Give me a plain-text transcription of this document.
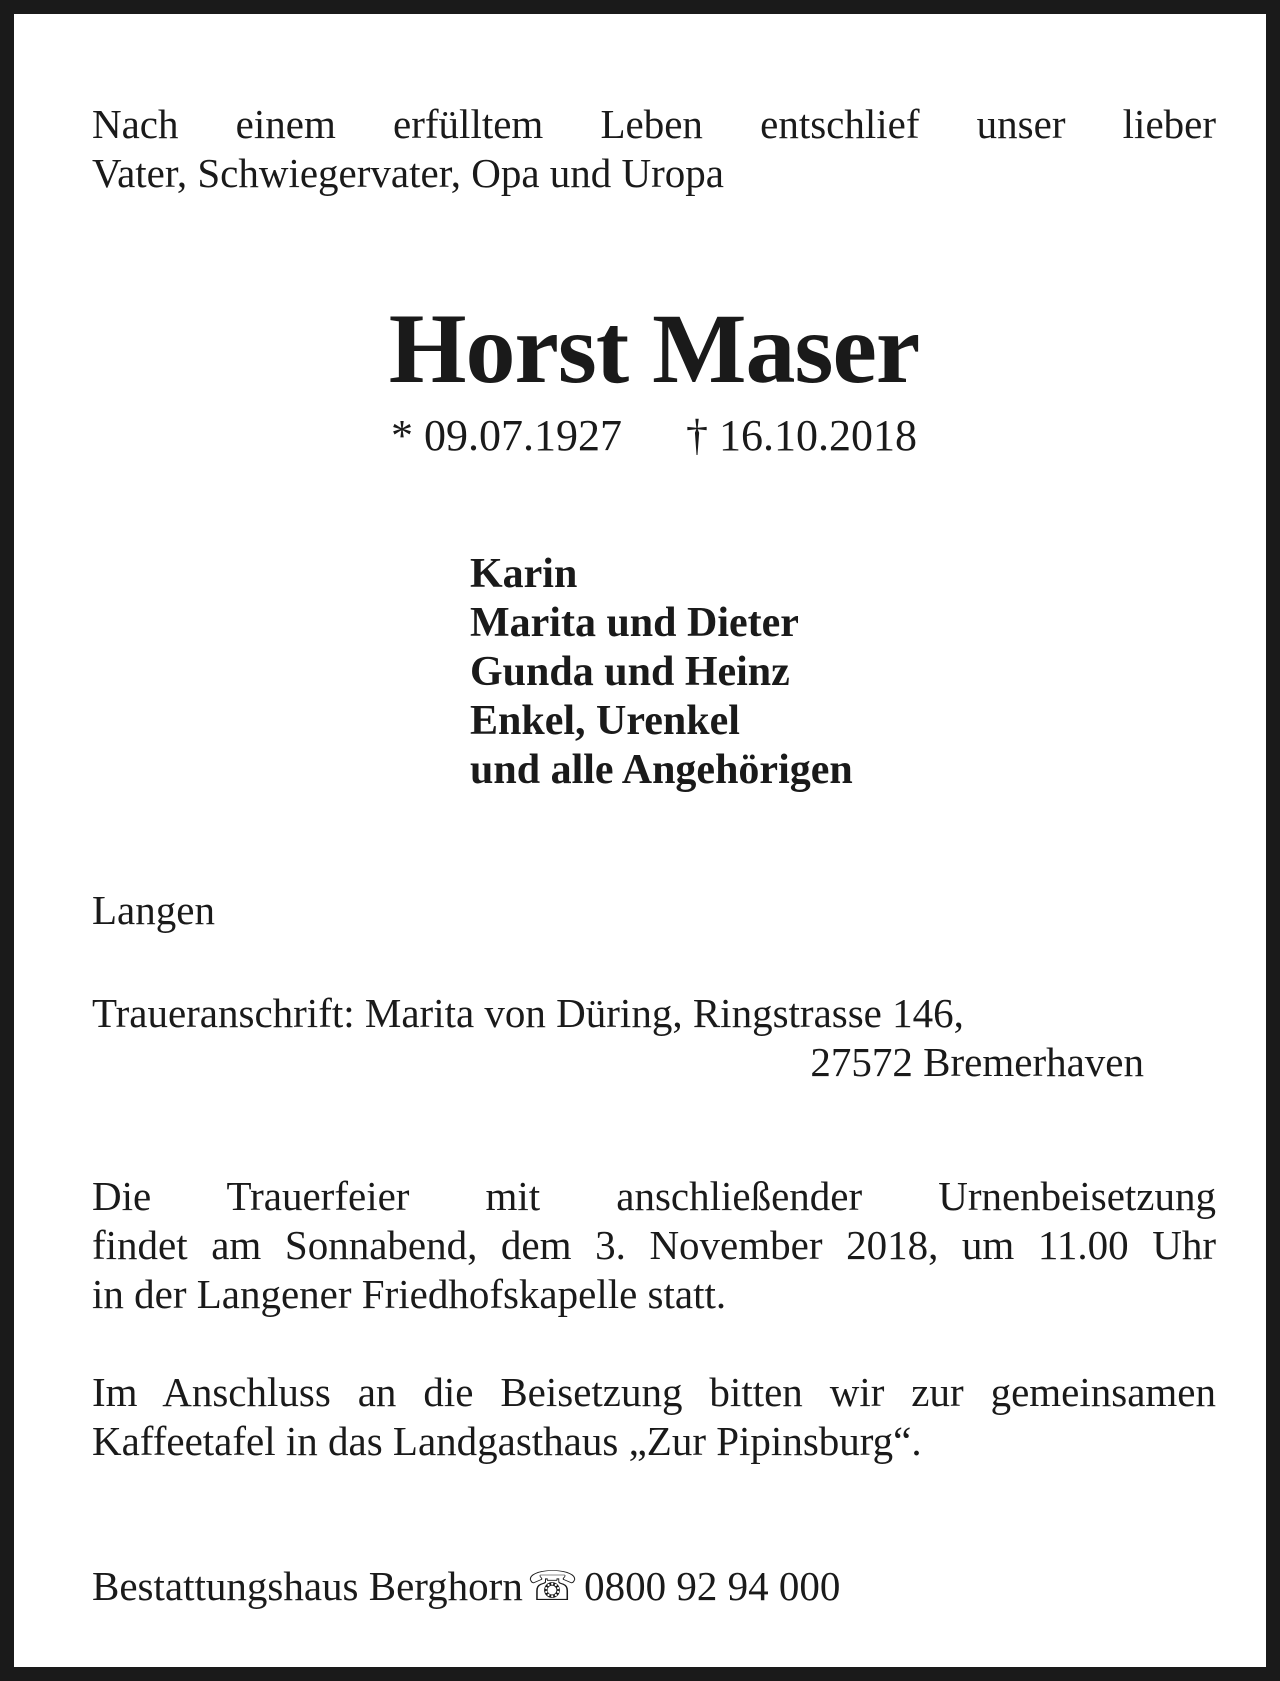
Nach einem erfülltem Leben entschlief unser lieber
Vater, Schwiegervater, Opa und Uropa
Horst Maser
* 09.07.1927 † 16.10.2018
Karin
Marita und Dieter
Gunda und Heinz
Enkel, Urenkel
und alle Angehörigen
Langen
Traueranschrift: Marita von Düring, Ringstrasse 146,
27572 Bremerhaven
Die Trauerfeier mit anschließender Urnenbeisetzung
findet am Sonnabend, dem 3. November 2018, um 11.00 Uhr
in der Langener Friedhofskapelle statt.
Im Anschluss an die Beisetzung bitten wir zur gemeinsamen
Kaffeetafel in das Landgasthaus „Zur Pipinsburg“.
Bestattungshaus Berghorn☏ 0800 92 94 000
